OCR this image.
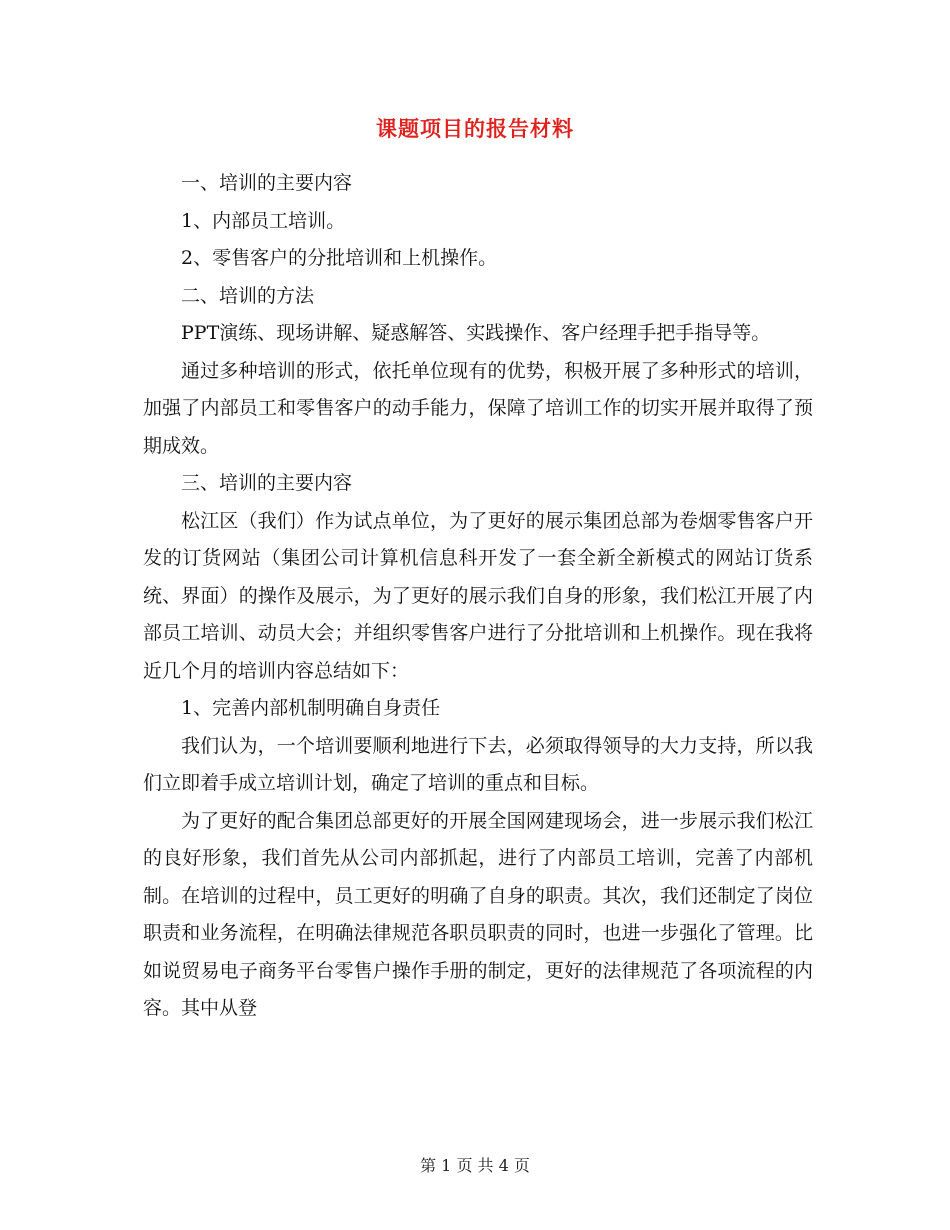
课题项目的报告材料

一、培训的主要内容

1、内部员工培训。

2、零售客户的分批培训和上机操作。

二、培训的方法

PPT演练、现场讲解、疑惑解答、实践操作、客户经理手把手指导等。

通过多种培训的形式，依托单位现有的优势，积极开展了多种形式的培训，加强了内部员工和零售客户的动手能力，保障了培训工作的切实开展并取得了预期成效。

三、培训的主要内容

松江区（我们）作为试点单位，为了更好的展示集团总部为卷烟零售客户开发的订货网站（集团公司计算机信息科开发了一套全新全新模式的网站订货系统、界面）的操作及展示，为了更好的展示我们自身的形象，我们松江开展了内部员工培训、动员大会；并组织零售客户进行了分批培训和上机操作。现在我将近几个月的培训内容总结如下：

1、完善内部机制明确自身责任

我们认为，一个培训要顺利地进行下去，必须取得领导的大力支持，所以我们立即着手成立培训计划，确定了培训的重点和目标。

为了更好的配合集团总部更好的开展全国网建现场会，进一步展示我们松江的良好形象，我们首先从公司内部抓起，进行了内部员工培训，完善了内部机制。在培训的过程中，员工更好的明确了自身的职责。其次，我们还制定了岗位职责和业务流程，在明确法律规范各职员职责的同时，也进一步强化了管理。比如说贸易电子商务平台零售户操作手册的制定，更好的法律规范了各项流程的内容。其中从登

第 1 页 共 4 页
